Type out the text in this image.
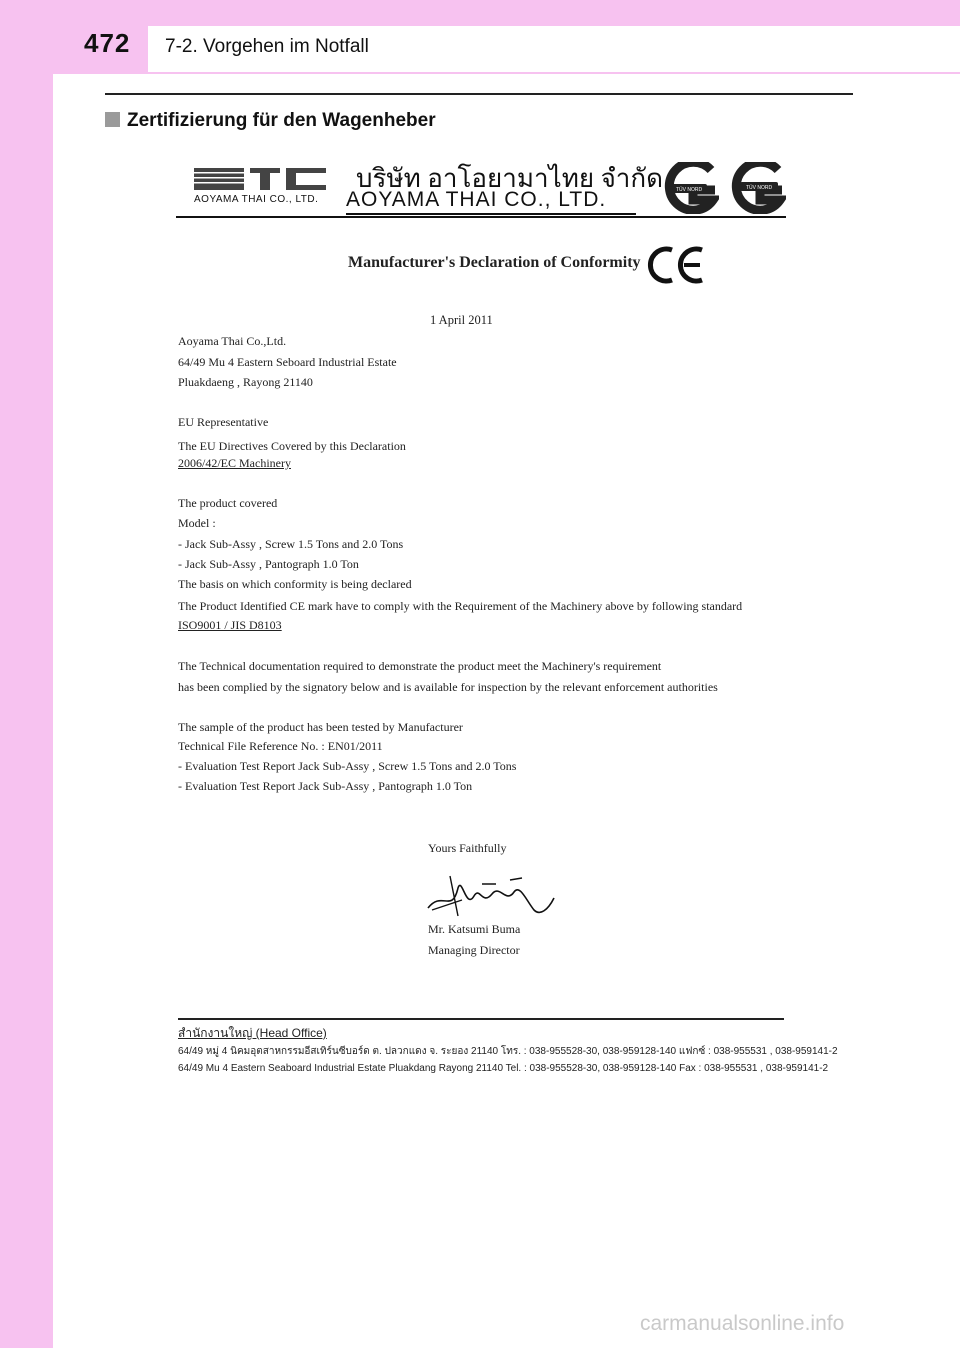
472 7-2. Vorgehen im Notfall
Zertifizierung für den Wagenheber
AOYAMA THAI CO., LTD.
บริษัท อาโอยามาไทย จำกัด
AOYAMA THAI CO., LTD.	TÜV NORD	TÜV NORD
Manufacturer's Declaration of Conformity
1 April 2011
Aoyama Thai Co.,Ltd.
64/49 Mu 4 Eastern Seboard Industrial Estate
Pluakdaeng , Rayong 21140
EU Representative
The EU Directives Covered by this Declaration
2006/42/EC Machinery
The product covered
Model :
- Jack Sub-Assy , Screw 1.5 Tons and 2.0 Tons
- Jack Sub-Assy , Pantograph 1.0 Ton
The basis on which conformity is being declared
The Product Identified CE mark have to comply with the Requirement of the Machinery above by following standard
ISO9001 / JIS D8103
The Technical documentation required to demonstrate the product meet the Machinery's requirement
has been complied by the signatory below and is available for inspection by the relevant enforcement authorities
The sample of the product has been tested by Manufacturer
Technical File Reference No. : EN01/2011
- Evaluation Test Report Jack Sub-Assy , Screw 1.5 Tons and 2.0 Tons
- Evaluation Test Report Jack Sub-Assy , Pantograph 1.0 Ton
Yours Faithfully
Mr. Katsumi Buma
Managing Director
สำนักงานใหญ่ (Head Office)
64/49 หมู่ 4 นิคมอุตสาหกรรมอีสเทิร์นซีบอร์ด ต. ปลวกแดง จ. ระยอง 21140 โทร. : 038-955528-30, 038-959128-140 แฟกซ์ : 038-955531 , 038-959141-2
64/49 Mu 4 Eastern Seaboard Industrial Estate Pluakdang Rayong 21140 Tel. : 038-955528-30, 038-959128-140 Fax : 038-955531 , 038-959141-2
carmanualsonline.info
